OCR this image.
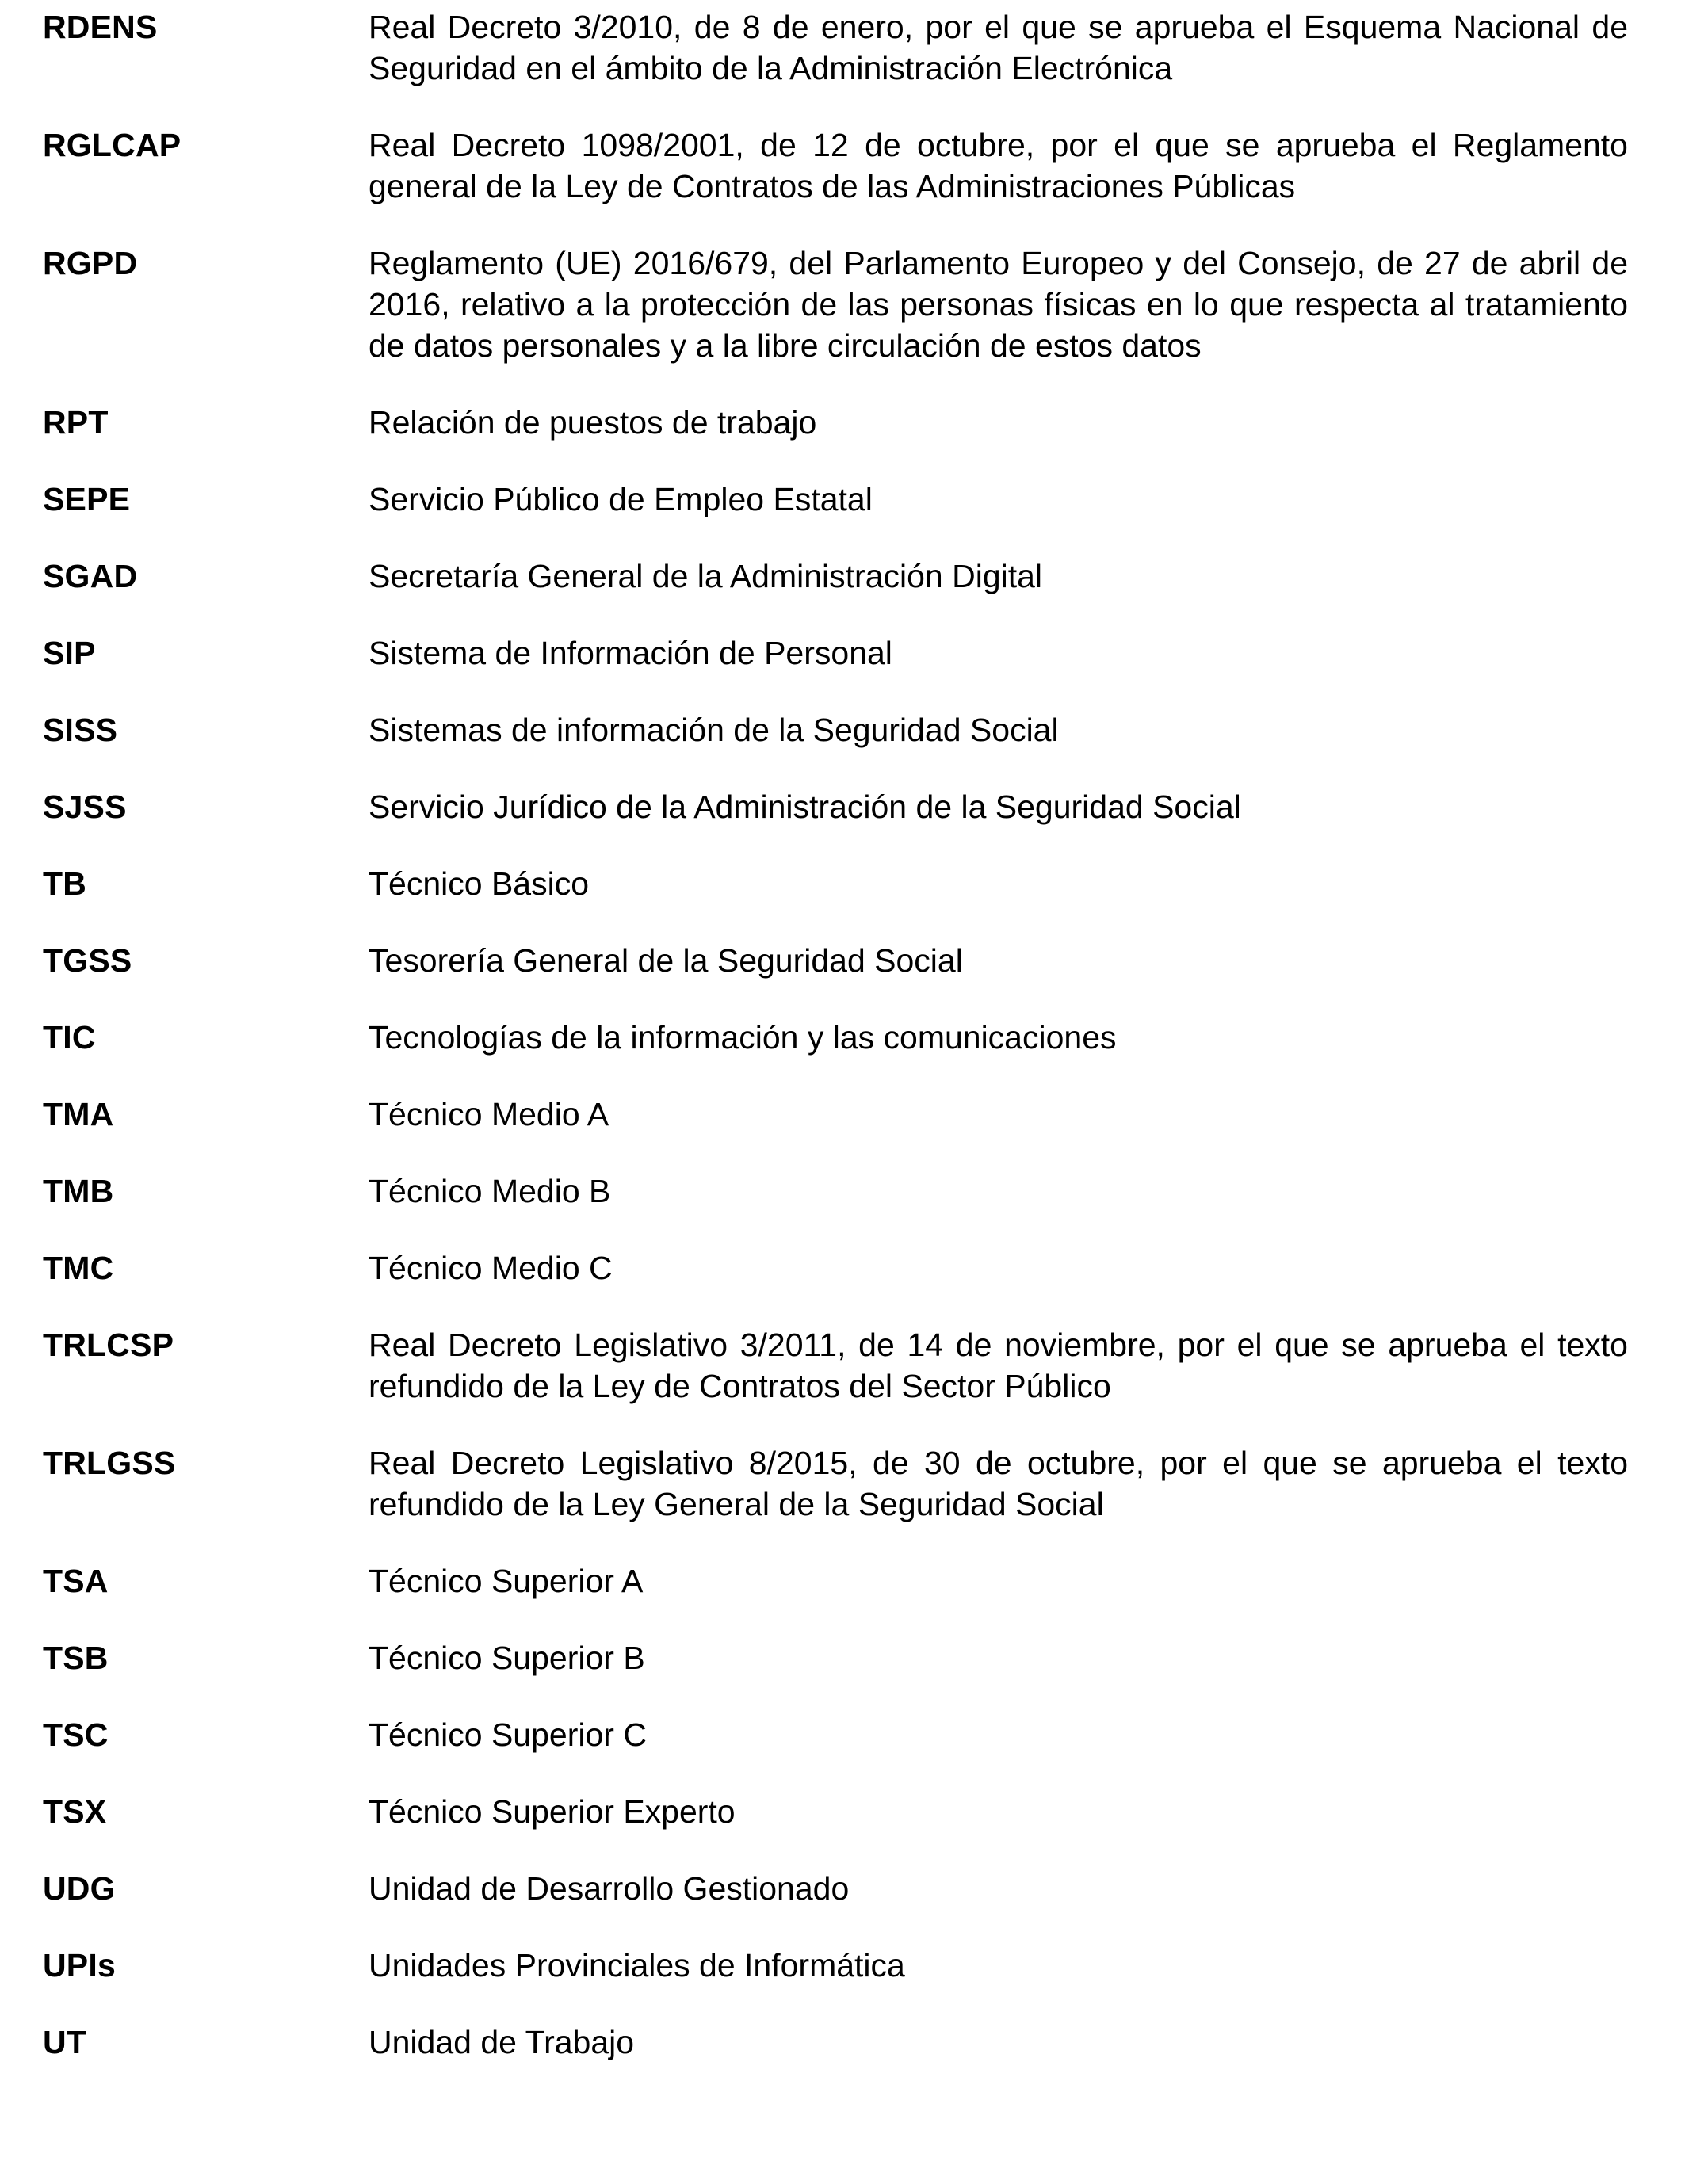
RDENS	Real Decreto 3/2010, de 8 de enero, por el que se aprueba el Esquema Nacional de Seguridad en el ámbito de la Administración Electrónica
RGLCAP	Real Decreto 1098/2001, de 12 de octubre, por el que se aprueba el Reglamento general de la Ley de Contratos de las Administraciones Públicas
RGPD	Reglamento (UE) 2016/679, del Parlamento Europeo y del Consejo, de 27 de abril de 2016, relativo a la protección de las personas físicas en lo que respecta al tratamiento de datos personales y a la libre circulación de estos datos
RPT	Relación de puestos de trabajo
SEPE	Servicio Público de Empleo Estatal
SGAD	Secretaría General de la Administración Digital
SIP	Sistema de Información de Personal
SISS	Sistemas de información de la Seguridad Social
SJSS	Servicio Jurídico de la Administración de la Seguridad Social
TB	Técnico Básico
TGSS	Tesorería General de la Seguridad Social
TIC	Tecnologías de la información y las comunicaciones
TMA	Técnico Medio A
TMB	Técnico Medio B
TMC	Técnico Medio C
TRLCSP	Real Decreto Legislativo 3/2011, de 14 de noviembre, por el que se aprueba el texto refundido de la Ley de Contratos del Sector Público
TRLGSS	Real Decreto Legislativo 8/2015, de 30 de octubre, por el que se aprueba el texto refundido de la Ley General de la Seguridad Social
TSA	Técnico Superior A
TSB	Técnico Superior B
TSC	Técnico Superior C
TSX	Técnico Superior Experto
UDG	Unidad de Desarrollo Gestionado
UPIs	Unidades Provinciales de Informática
UT	Unidad de Trabajo
